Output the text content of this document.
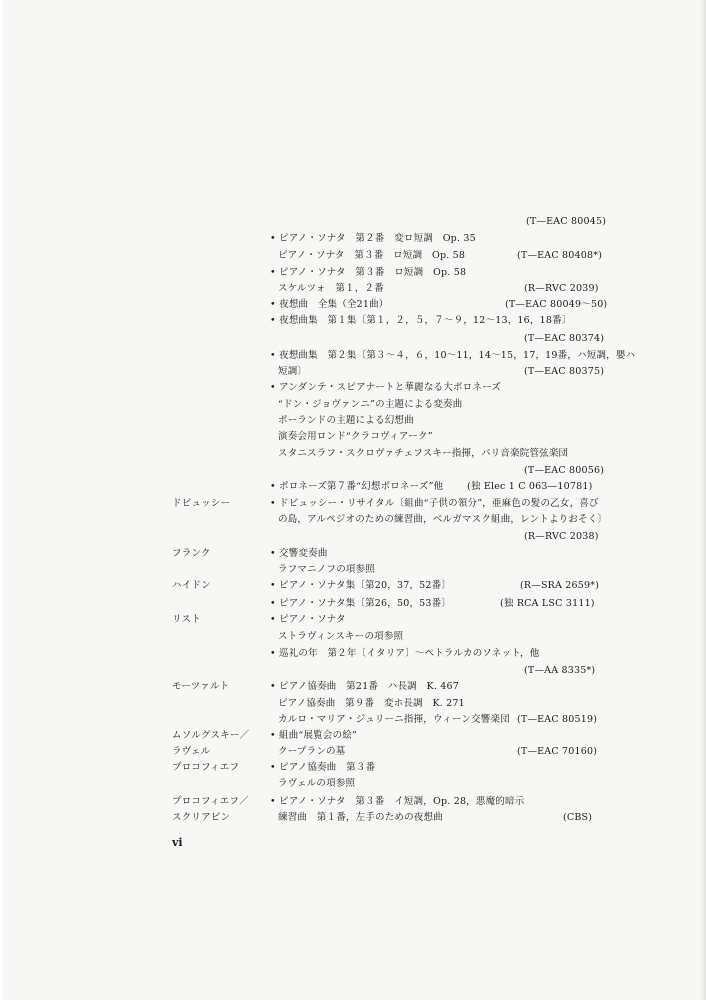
(T—EAC 80045)
• ピアノ・ソナタ　第２番　変ロ短調　Op. 35
ピアノ・ソナタ　第３番　ロ短調　Op. 58	(T—EAC 80408*)
• ピアノ・ソナタ　第３番　ロ短調　Op. 58
スケルツォ　第１，２番	(R—RVC 2039)
• 夜想曲　全集（全21曲）	(T—EAC 80049〜50)
• 夜想曲集　第１集〔第１，２，５，７〜９，12〜13，16，18番〕
(T—EAC 80374)
• 夜想曲集　第２集〔第３〜４，６，10〜11，14〜15，17，19番，ハ短調，嬰ハ
短調〕	(T—EAC 80375)
• アンダンテ・スピアナートと華麗なる大ポロネーズ
“ドン・ジョヴァンニ”の主題による変奏曲
ポーランドの主題による幻想曲
演奏会用ロンド“クラコヴィアーク”
スタニスラフ・スクロヴァチェフスキー指揮，パリ音楽院管弦楽団
(T—EAC 80056)
• ポロネーズ第７番“幻想ポロネーズ”他 (独 Elec 1 C 063—10781)
ドビュッシー	• ドビュッシー・リサイタル〔組曲“子供の領分”，亜麻色の髪の乙女，喜び
の島，アルペジオのための練習曲，ベルガマスク組曲，レントよりおそく〕
(R—RVC 2038)
フランク	• 交響変奏曲
ラフマニノフの項参照
ハイドン	• ピアノ・ソナタ集〔第20，37，52番〕	(R—SRA 2659*)
• ピアノ・ソナタ集〔第26，50，53番〕	(独 RCA LSC 3111)
リスト	• ピアノ・ソナタ
ストラヴィンスキーの項参照
• 巡礼の年　第２年〔イタリア〕〜ペトラルカのソネット，他
(T—AA 8335*)
モーツァルト	• ピアノ協奏曲　第21番　ハ長調　K. 467
ピアノ協奏曲　第９番　変ホ長調　K. 271
カルロ・マリア・ジュリーニ指揮，ウィーン交響楽団 (T—EAC 80519)
ムソルグスキー／ • 組曲“展覧会の絵”
ラヴェル	クープランの墓	(T—EAC 70160)
プロコフィエフ	• ピアノ協奏曲　第３番
ラヴェルの項参照
プロコフィエフ／ • ピアノ・ソナタ　第３番　イ短調，Op. 28，悪魔的暗示
スクリアビン	練習曲　第１番，左手のための夜想曲	(CBS)
vi
